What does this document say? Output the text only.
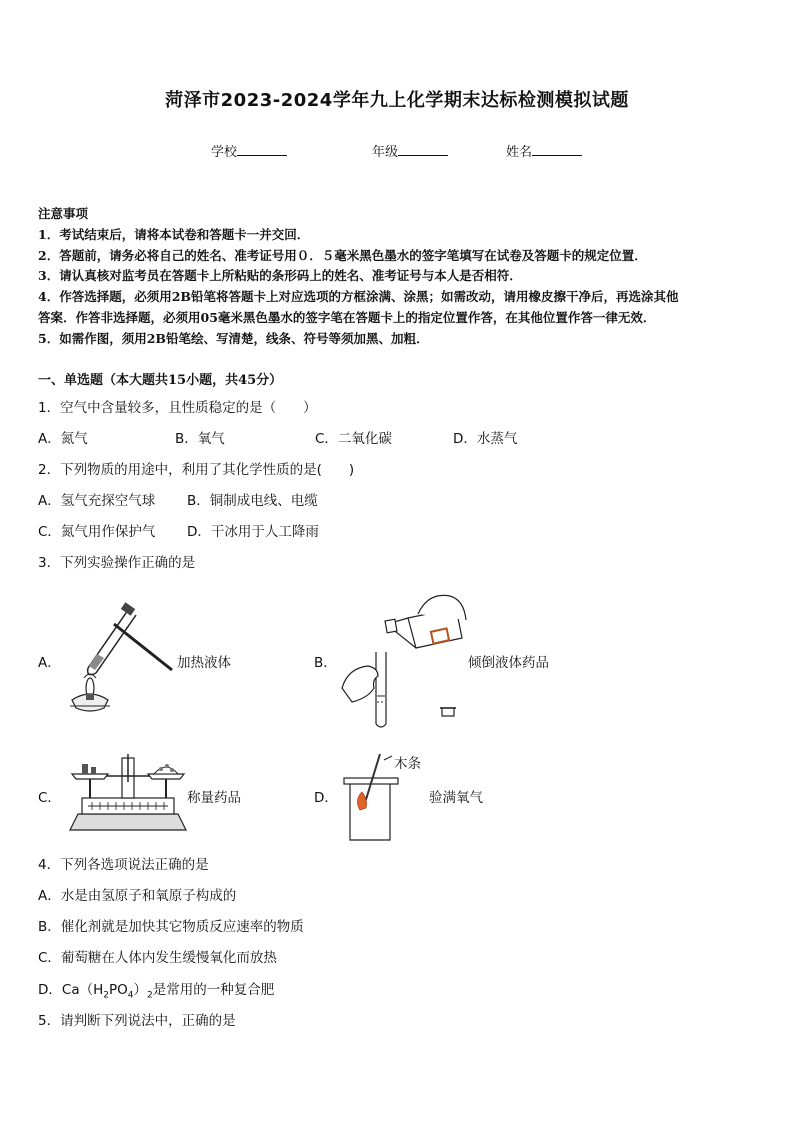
菏泽市2023-2024学年九上化学期末达标检测模拟试题
学校	年级	姓名
注意事项
1．考试结束后，请将本试卷和答题卡一并交回．
2．答题前，请务必将自己的姓名、准考证号用０．５毫米黑色墨水的签字笔填写在试卷及答题卡的规定位置．
3．请认真核对监考员在答题卡上所粘贴的条形码上的姓名、准考证号与本人是否相符．
4．作答选择题，必须用2B铅笔将答题卡上对应选项的方框涂满、涂黑；如需改动，请用橡皮擦干净后，再选涂其他
答案．作答非选择题，必须用05毫米黑色墨水的签字笔在答题卡上的指定位置作答，在其他位置作答一律无效．
5．如需作图，须用2B铅笔绘、写清楚，线条、符号等须加黑、加粗．
一、单选题（本大题共15小题，共45分）
1．空气中含量较多，且性质稳定的是（　　）
A．氮气	B．氧气	C．二氧化碳	D．水蒸气
2．下列物质的用途中，利用了其化学性质的是(　　)
A．氢气充探空气球 B．铜制成电线、电缆
C．氮气用作保护气 D．干冰用于人工降雨
3．下列实验操作正确的是
A．	加热液体	B．	倾倒液体药品
C．	称量药品	D．
木条
验满氧气
4．下列各选项说法正确的是
A．水是由氢原子和氧原子构成的
B．催化剂就是加快其它物质反应速率的物质
C．葡萄糖在人体内发生缓慢氧化而放热
D．$Ca(H_2PO_4)_2$是常用的一种复合肥
5．请判断下列说法中，正确的是
